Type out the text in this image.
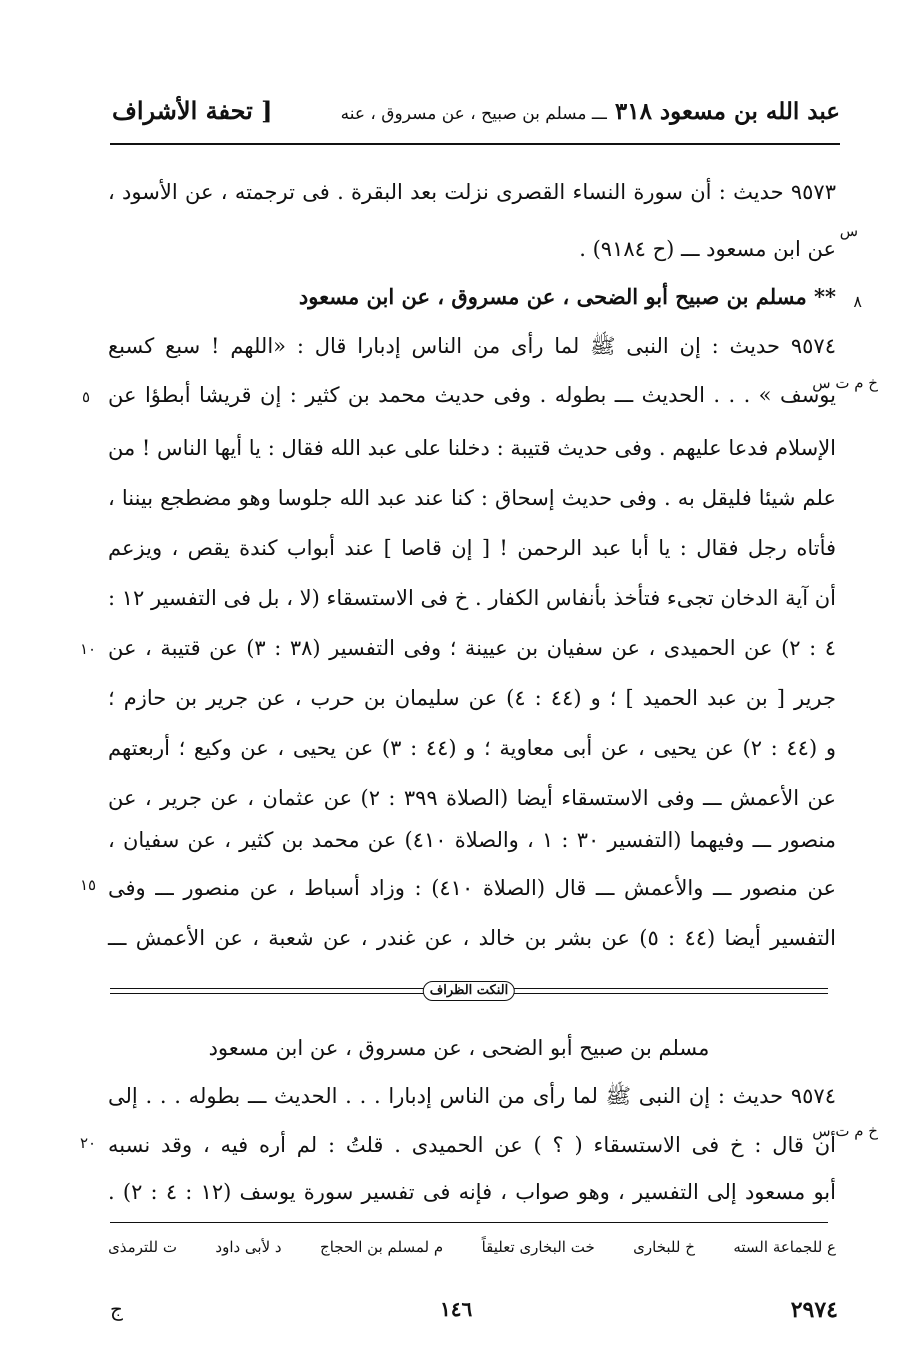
عبد الله بن مسعود ٣١٨ ـــ مسلم بن صبيح ، عن مسروق ، عنه
[ تحفة الأشراف
٩٥٧٣ حديث : أن سورة النساء القصرى نزلت بعد البقرة . فى ترجمته ، عن الأسود ،
س
عن ابن مسعود ـــ (ح ٩١٨٤) .
٨
** مسلم بن صبيح أبو الضحى ، عن مسروق ، عن ابن مسعود
٩٥٧٤ حديث : إن النبى ﷺ لما رأى من الناس إدبارا قال : «اللهم ! سبع كسبع
خ م ت س
يوسف » . . . الحديث ـــ بطوله . وفى حديث محمد بن كثير : إن قريشا أبطؤا عن
٥
الإسلام فدعا عليهم . وفى حديث قتيبة : دخلنا على عبد الله فقال : يا أيها الناس ! من
علم شيئا فليقل به . وفى حديث إسحاق : كنا عند عبد الله جلوسا وهو مضطجع بيننا ،
فأتاه رجل فقال : يا أبا عبد الرحمن ! [ إن قاصا ] عند أبواب كندة يقص ، ويزعم
أن آية الدخان تجىء فتأخذ بأنفاس الكفار . خ فى الاستسقاء (لا ، بل فى التفسير ١٢ :
٤ : ٢) عن الحميدى ، عن سفيان بن عيينة ؛ وفى التفسير (٣٨ : ٣) عن قتيبة ، عن
١٠
جرير [ بن عبد الحميد ] ؛ و (٤٤ : ٤) عن سليمان بن حرب ، عن جرير بن حازم ؛
و (٤٤ : ٢) عن يحيى ، عن أبى معاوية ؛ و (٤٤ : ٣) عن يحيى ، عن وكيع ؛ أربعتهم
عن الأعمش ـــ وفى الاستسقاء أيضا (الصلاة ٣٩٩ : ٢) عن عثمان ، عن جرير ، عن
منصور ـــ وفيهما (التفسير ٣٠ : ١ ، والصلاة ٤١٠) عن محمد بن كثير ، عن سفيان ،
عن منصور ـــ والأعمش ـــ قال (الصلاة ٤١٠) : وزاد أسباط ، عن منصور ـــ وفى
١٥
التفسير أيضا (٤٤ : ٥) عن بشر بن خالد ، عن غندر ، عن شعبة ، عن الأعمش ـــ
النكت الظراف
مسلم بن صبيح أبو الضحى ، عن مسروق ، عن ابن مسعود
٩٥٧٤ حديث : إن النبى ﷺ لما رأى من الناس إدبارا . . . الحديث ـــ بطوله . . . إلى
خ م ت س
أن قال : خ فى الاستسقاء ( ؟ ) عن الحميدى . قلتُ : لم أره فيه ، وقد نسبه
٢٠
أبو مسعود إلى التفسير ، وهو صواب ، فإنه فى تفسير سورة يوسف (١٢ : ٤ : ٢) .
ع للجماعة السته
خ للبخارى
خت البخارى تعليقاً
م لمسلم بن الحجاج
د لأبى داود
ت للترمذى
٢٩٧٤
١٤٦
ج
